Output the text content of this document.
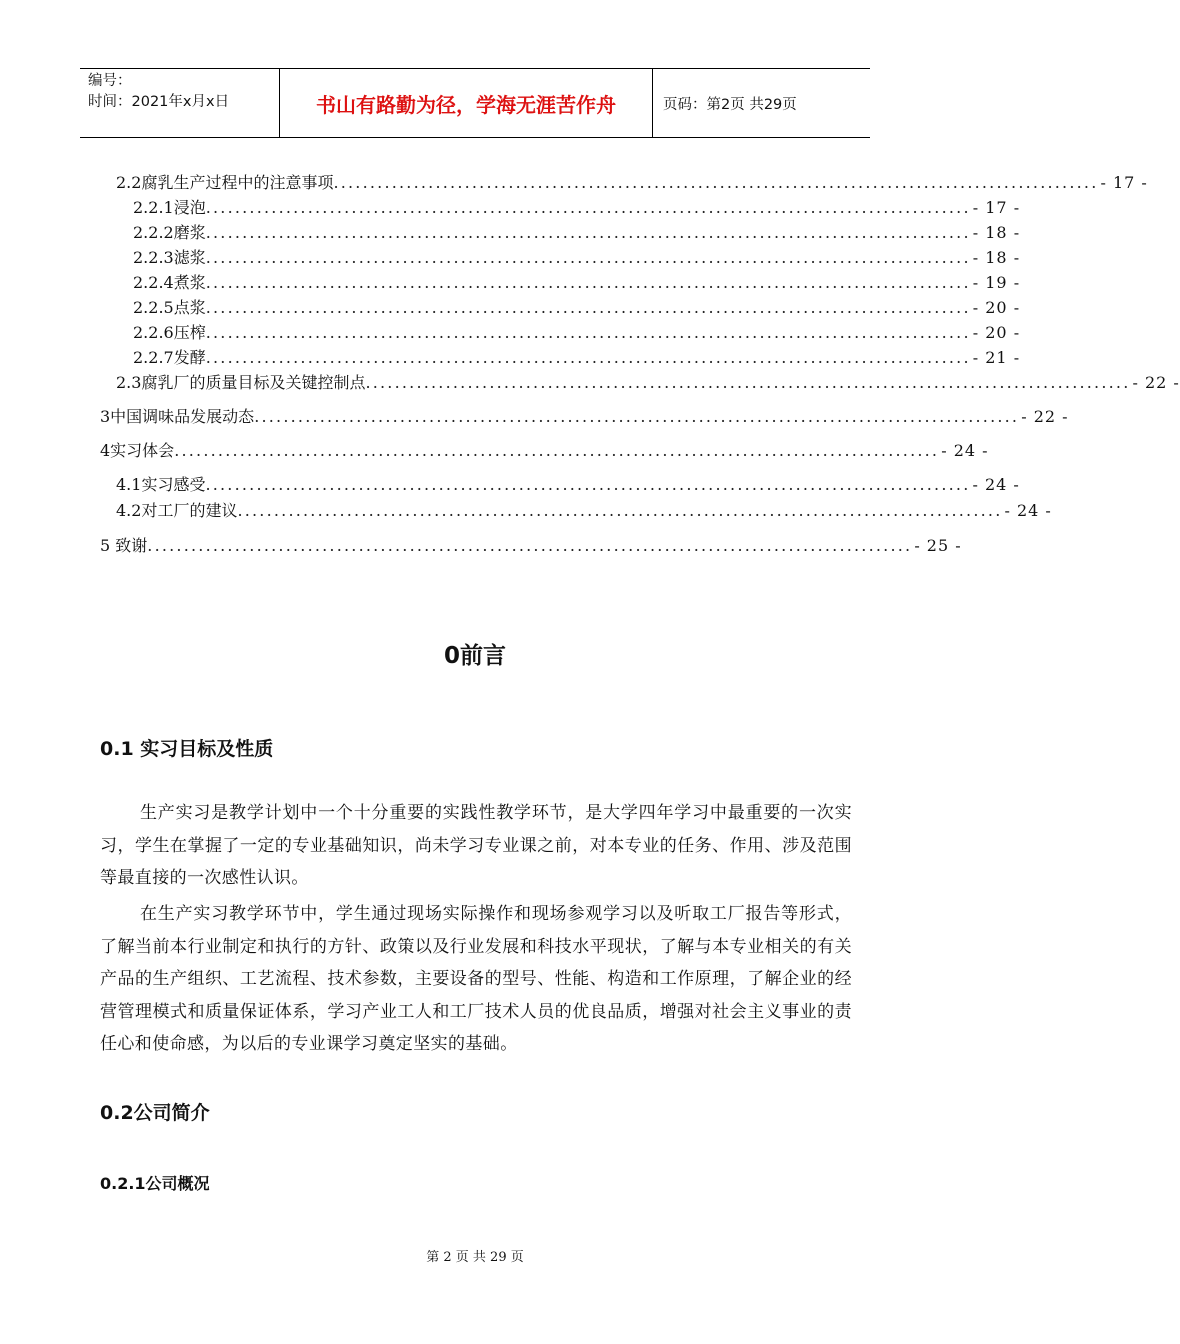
编号：
时间：2021年x月x日	书山有路勤为径，学海无涯苦作舟	页码：第2页 共29页
2.2腐乳生产过程中的注意事项 ......................................................................................................... - 17 -
2.2.1浸泡 ......................................................................................................... - 17 -
2.2.2磨浆 ......................................................................................................... - 18 -
2.2.3滤浆 ......................................................................................................... - 18 -
2.2.4煮浆 ......................................................................................................... - 19 -
2.2.5点浆 ......................................................................................................... - 20 -
2.2.6压榨 ......................................................................................................... - 20 -
2.2.7发酵 ......................................................................................................... - 21 -
2.3腐乳厂的质量目标及关键控制点 ......................................................................................................... - 22 -
3中国调味品发展动态 ......................................................................................................... - 22 -
4实习体会 ......................................................................................................... - 24 -
4.1实习感受 ......................................................................................................... - 24 -
4.2对工厂的建议 ......................................................................................................... - 24 -
5 致谢 ......................................................................................................... - 25 -
0前言
0.1 实习目标及性质
生产实习是教学计划中一个十分重要的实践性教学环节，是大学四年学习中最重要的一次实习，学生在掌握了一定的专业基础知识，尚未学习专业课之前，对本专业的任务、作用、涉及范围等最直接的一次感性认识。
在生产实习教学环节中，学生通过现场实际操作和现场参观学习以及听取工厂报告等形式，了解当前本行业制定和执行的方针、政策以及行业发展和科技水平现状，了解与本专业相关的有关产品的生产组织、工艺流程、技术参数，主要设备的型号、性能、构造和工作原理，了解企业的经营管理模式和质量保证体系，学习产业工人和工厂技术人员的优良品质，增强对社会主义事业的责任心和使命感，为以后的专业课学习奠定坚实的基础。
0.2公司简介
0.2.1公司概况
第 2 页 共 29 页
